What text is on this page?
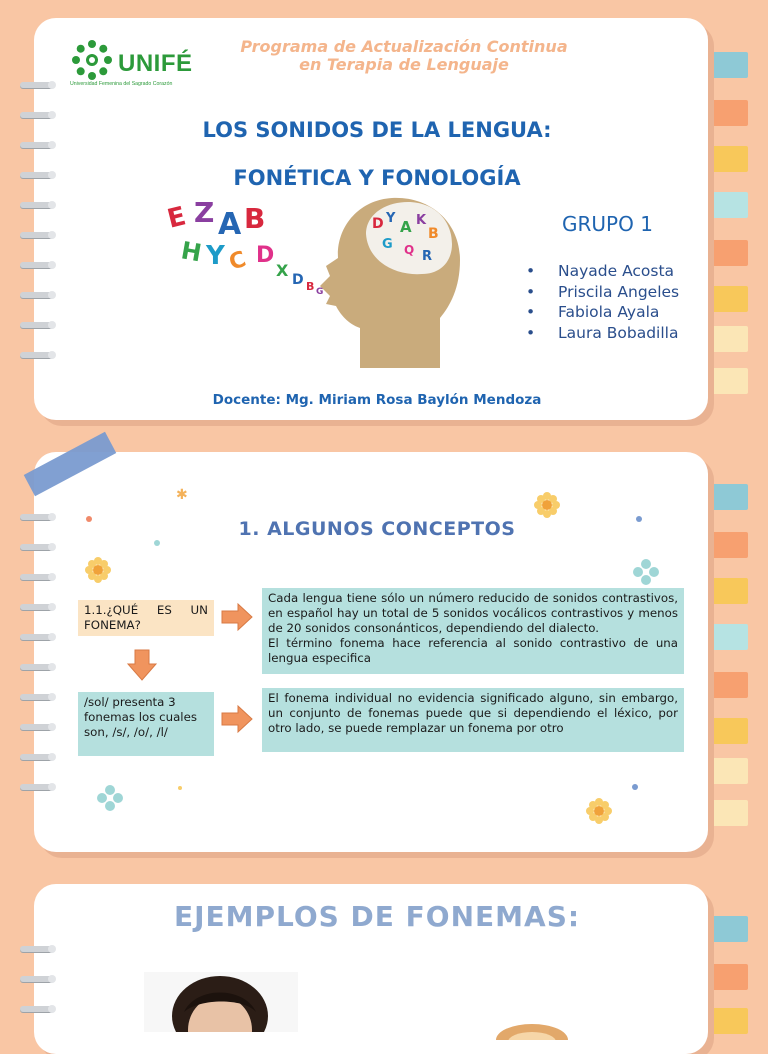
UNIFÉ
Universidad Femenina del Sagrado Corazón
Programa de Actualización Continua
en Terapia de Lenguaje
LOS SONIDOS DE LA LENGUA:
FONÉTICA Y FONOLOGÍA
D Y A K
B
G Q R
E Z A B
H Y C D
X D B G
GRUPO 1
• Nayade Acosta
• Priscila Angeles
• Fabiola Ayala
• Laura Bobadilla
Docente: Mg. Miriam Rosa Baylón Mendoza
✱
1. ALGUNOS CONCEPTOS
1.1.¿QUÉ ES UN FONEMA?
Cada lengua tiene sólo un número reducido de sonidos contrastivos, en español hay un total de 5 sonidos vocálicos contrastivos y menos de 20 sonidos consonánticos, dependiendo del dialecto.
El término fonema hace referencia al sonido contrastivo de una lengua especifica
/sol/ presenta 3 fonemas los cuales son, /s/, /o/, /l/
El fonema individual no evidencia significado alguno, sin embargo, un conjunto de fonemas puede que si dependiendo el léxico, por otro lado, se puede remplazar un fonema por otro
EJEMPLOS DE FONEMAS:
